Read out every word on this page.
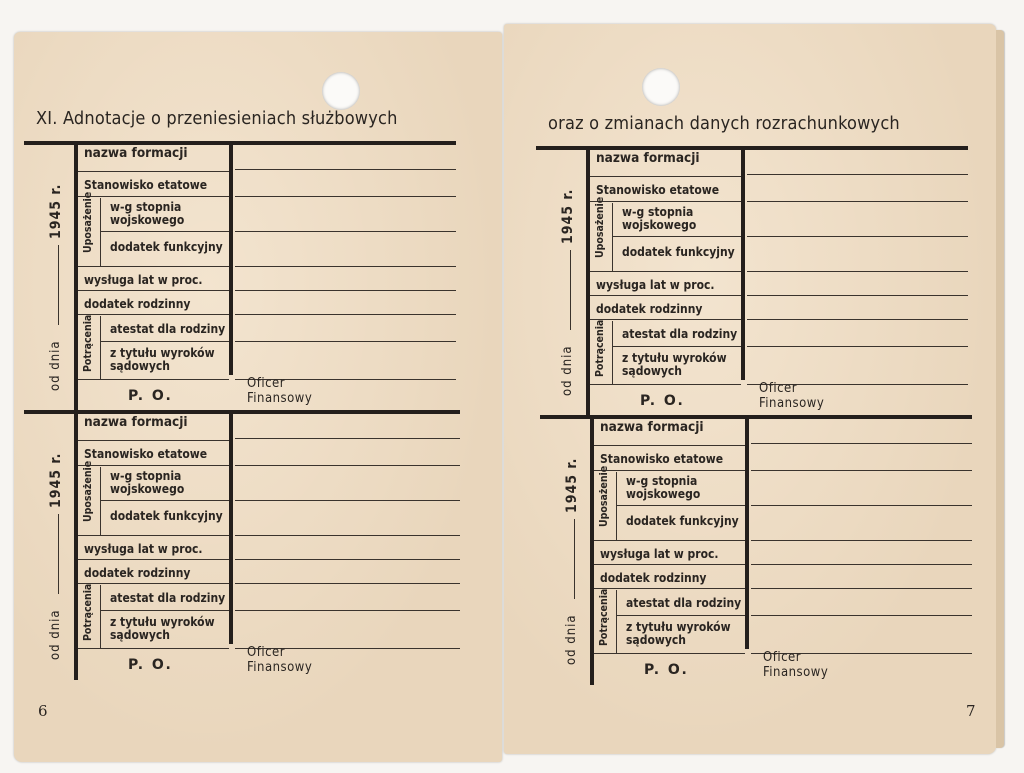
XI. Adnotacje o przeniesieniach służbowych	oraz o zmianach danych rozrachunkowych
6	7
1945 r.
od dnia
nazwa formacji
Stanowisko etatowe
Uposażenie w-g stopnia
wojskowego
dodatek funkcyjny
wysługa lat w proc.
dodatek rodzinny
Potrącenia atestat dla rodziny
z tytułu wyroków
sądowych
P. O.
Oficer
Finansowy
1945 r.
od dnia
nazwa formacji
Stanowisko etatowe
Uposażenie w-g stopnia
wojskowego
dodatek funkcyjny
wysługa lat w proc.
dodatek rodzinny
Potrącenia atestat dla rodziny
z tytułu wyroków
sądowych
P. O.
Oficer
Finansowy
1945 r.
od dnia
nazwa formacji
Stanowisko etatowe
Uposażenie w-g stopnia
wojskowego
dodatek funkcyjny
wysługa lat w proc.
dodatek rodzinny
Potrącenia atestat dla rodziny
z tytułu wyroków
sądowych
P. O.
Oficer
Finansowy
1945 r.
od dnia
nazwa formacji
Stanowisko etatowe
Uposażenie w-g stopnia
wojskowego
dodatek funkcyjny
wysługa lat w proc.
dodatek rodzinny
Potrącenia atestat dla rodziny
z tytułu wyroków
sądowych
P. O.
Oficer
Finansowy
